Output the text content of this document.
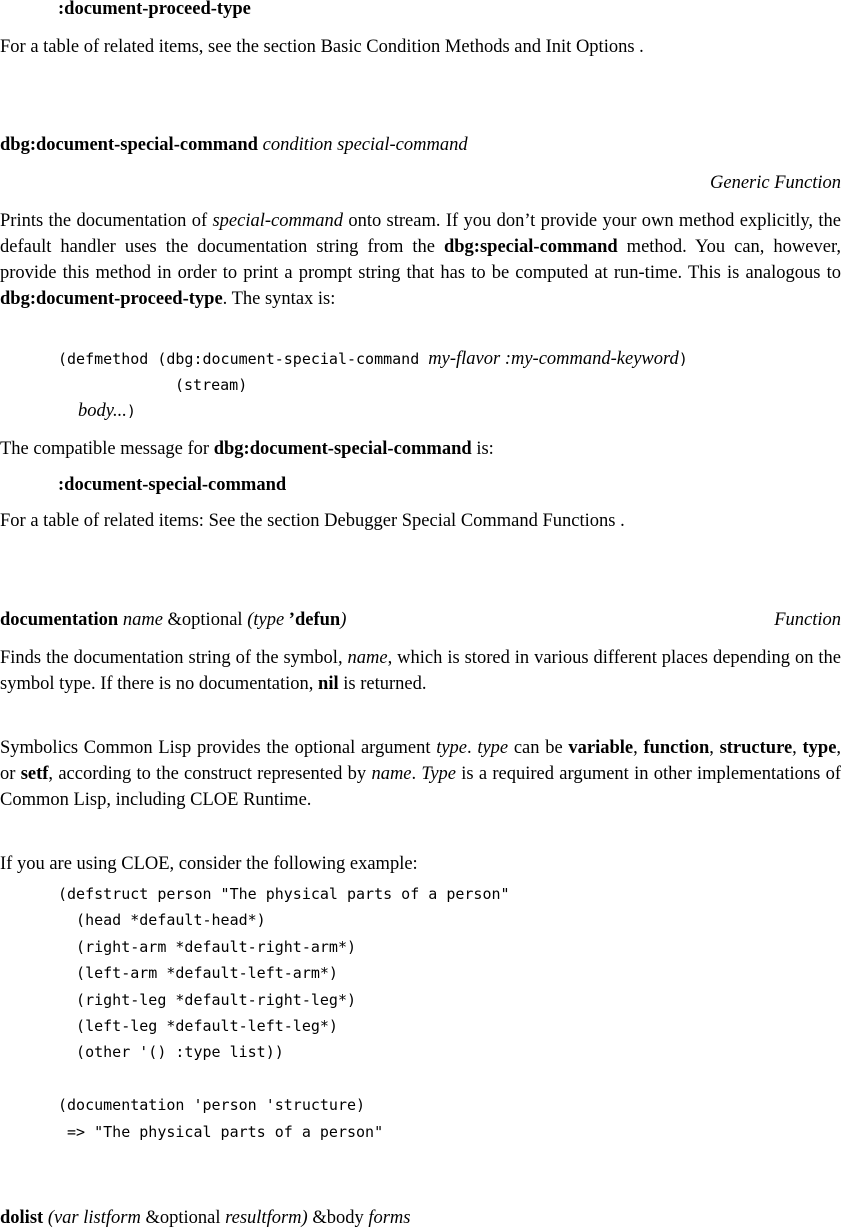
:document-proceed-type
For a table of related items, see the section Basic Condition Methods and Init Options .
dbg:document-special-command condition special-command
Generic Function
Prints the documentation of special-command onto stream. If you don’t provide your own method explicitly, the default handler uses the documentation string from the dbg:special-command method. You can, however, provide this method in order to print a prompt string that has to be computed at run-time. This is analogous to dbg:document-proceed-type. The syntax is:
(defmethod (dbg:document-special-command my-flavor :my-command-keyword)
(stream)
body...)
The compatible message for dbg:document-special-command is:
:document-special-command
For a table of related items: See the section Debugger Special Command Functions .
documentation name &optional (type ’defun)	Function
Finds the documentation string of the symbol, name, which is stored in various different places depending on the symbol type. If there is no documentation, nil is returned.
Symbolics Common Lisp provides the optional argument type. type can be variable, function, structure, type, or setf, according to the construct represented by name. Type is a required argument in other implementations of Common Lisp, including CLOE Runtime.
If you are using CLOE, consider the following example:
(defstruct person "The physical parts of a person"
(head *default-head*)
(right-arm *default-right-arm*)
(left-arm *default-left-arm*)
(right-leg *default-right-leg*)
(left-leg *default-left-leg*)
(other '() :type list))
(documentation 'person 'structure)
=> "The physical parts of a person"
dolist (var listform &optional resultform) &body forms
